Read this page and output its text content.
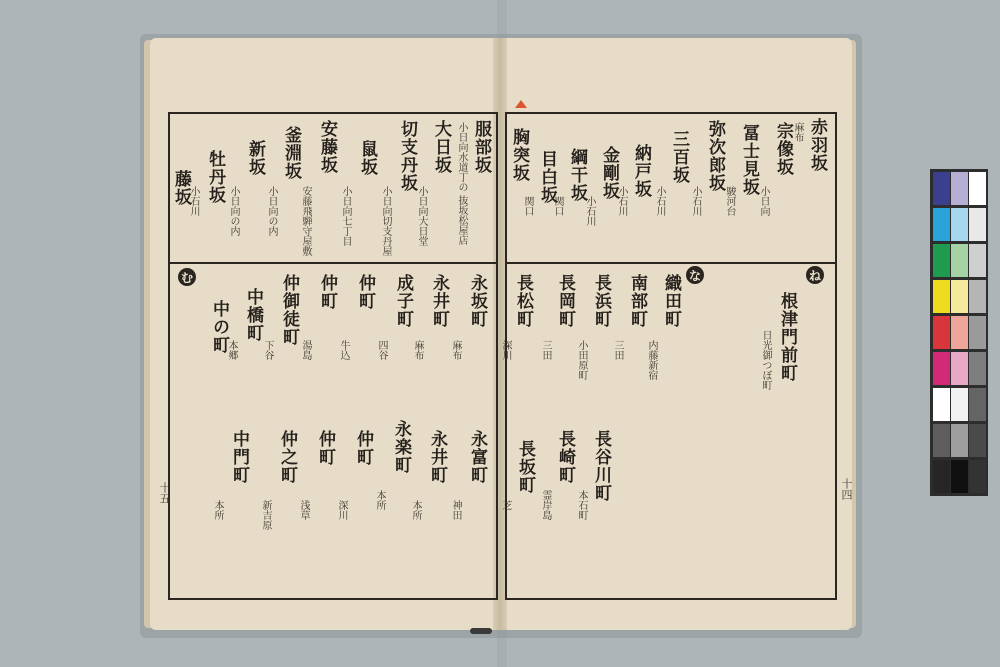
服部坂
小日向水道丁の 抜坂松屋店
大日坂
小日向大日堂
切支丹坂
小日向切支丹屋
鼠坂
小日向七丁目
安藤坂
安藤飛騨守屋敷
釜淵坂
小日向の内
新坂
小日向の内
牡丹坂
小石川
藤坂
む	永坂町
麻布
永井町
麻布
成子町
四谷
仲町
牛込
仲町
湯島
仲御徒町
下谷
中橋町
本郷
中の町
永富町
神田
永井町
本所
永楽町
本所
仲町
深川
仲町
浅草
仲之町
新吉原
中門町
本所
十五
赤羽坂
麻布
宗像坂
小日向
冨士見坂
駿河台
弥次郎坂
小石川
三百坂
小石川
納戸坂
小石川
金剛坂
小石川
綱干坂
関口
目白坂
関口
胸突坂
ね
な
根津門前町
日光御つぼ町
織田町
内藤新宿
南部町
三田
長浜町
小田原町
長岡町
三田
長松町
深川
長谷川町
本石町
長崎町
霊岸島
長坂町
芝
十四
